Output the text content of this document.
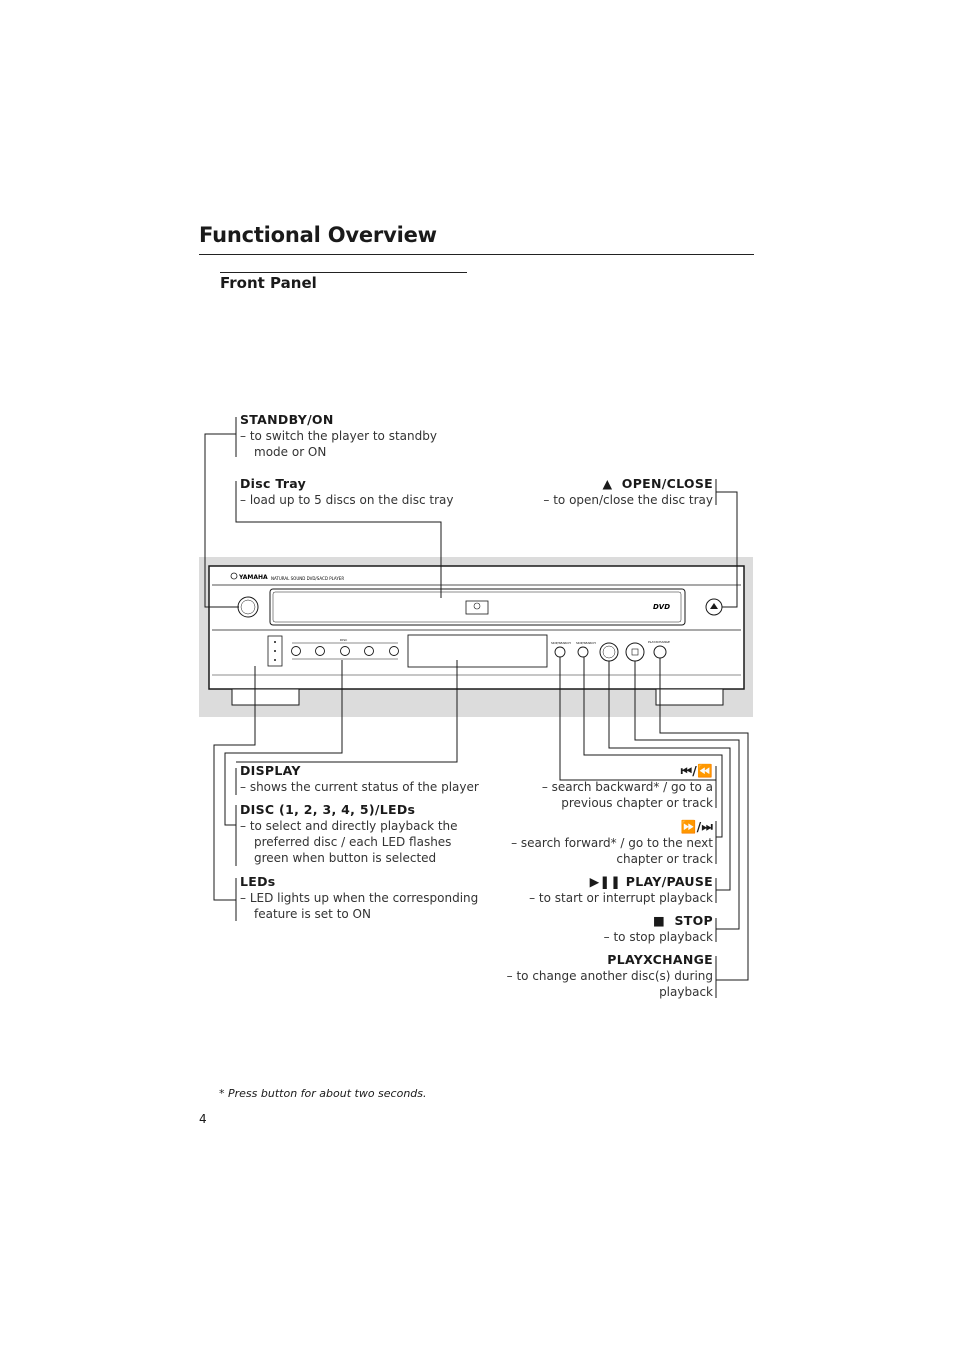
Functional Overview
Front Panel
YAMAHA NATURAL SOUND DVD/SACD PLAYER
DVD
DISC
SKIP/SEARCH SKIP/SEARCH	PLAYXCHANGE
STANDBY/ON
– to switch the player to standby mode or ON
Disc Tray
– load up to 5 discs on the disc tray
DISPLAY
– shows the current status of the player
DISC (1, 2, 3, 4, 5)/LEDs
– to select and directly playback the preferred disc / each LED flashes green when button is selected
LEDs
– LED lights up when the corresponding feature is set to ON
▲ OPEN/CLOSE
– to open/close the disc tray
⏮/⏪
– search backward* / go to a previous chapter or track
⏩/⏭
– search forward* / go to the next chapter or track
▶❚❚ PLAY/PAUSE
– to start or interrupt playback
■ STOP
– to stop playback
PLAYXCHANGE
– to change another disc(s) during playback
* Press button for about two seconds.
4
